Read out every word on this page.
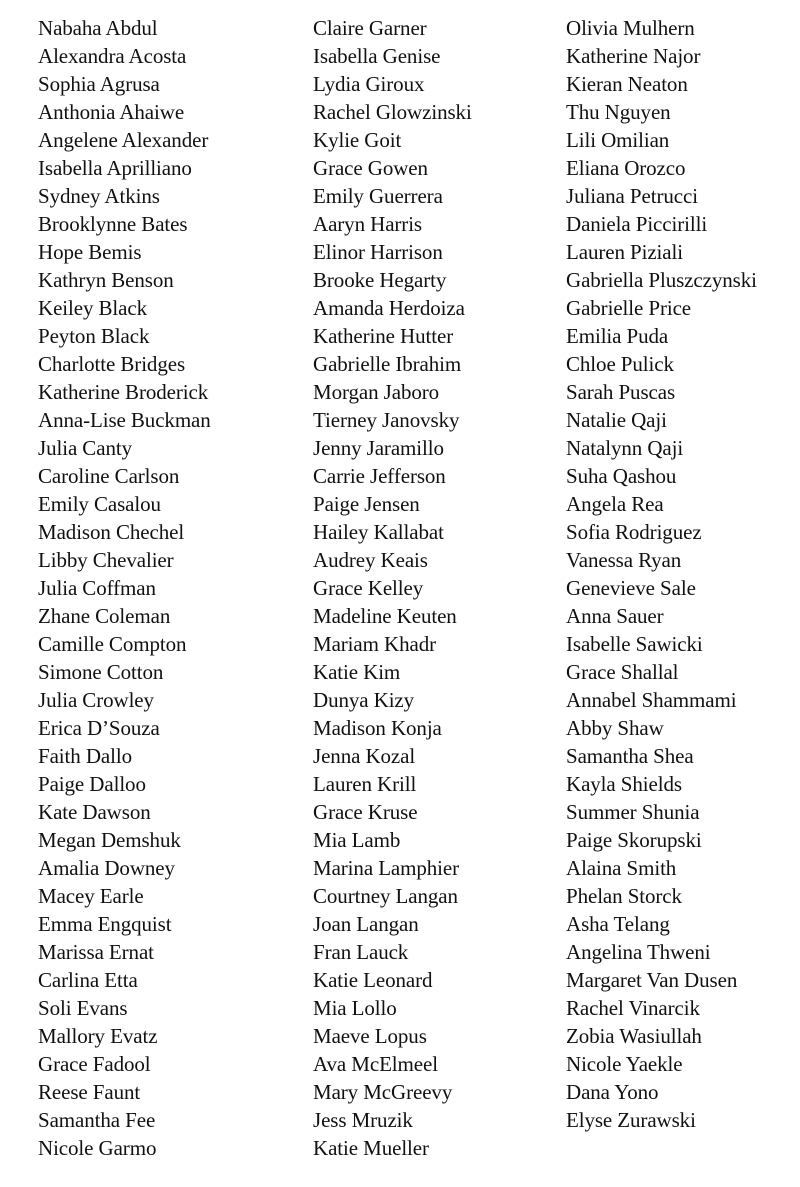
Nabaha Abdul
Alexandra Acosta
Sophia Agrusa
Anthonia Ahaiwe
Angelene Alexander
Isabella Aprilliano
Sydney Atkins
Brooklynne Bates
Hope Bemis
Kathryn Benson
Keiley Black
Peyton Black
Charlotte Bridges
Katherine Broderick
Anna-Lise Buckman
Julia Canty
Caroline Carlson
Emily Casalou
Madison Chechel
Libby Chevalier
Julia Coffman
Zhane Coleman
Camille Compton
Simone Cotton
Julia Crowley
Erica D’Souza
Faith Dallo
Paige Dalloo
Kate Dawson
Megan Demshuk
Amalia Downey
Macey Earle
Emma Engquist
Marissa Ernat
Carlina Etta
Soli Evans
Mallory Evatz
Grace Fadool
Reese Faunt
Samantha Fee
Nicole Garmo
Claire Garner
Isabella Genise
Lydia Giroux
Rachel Glowzinski
Kylie Goit
Grace Gowen
Emily Guerrera
Aaryn Harris
Elinor Harrison
Brooke Hegarty
Amanda Herdoiza
Katherine Hutter
Gabrielle Ibrahim
Morgan Jaboro
Tierney Janovsky
Jenny Jaramillo
Carrie Jefferson
Paige Jensen
Hailey Kallabat
Audrey Keais
Grace Kelley
Madeline Keuten
Mariam Khadr
Katie Kim
Dunya Kizy
Madison Konja
Jenna Kozal
Lauren Krill
Grace Kruse
Mia Lamb
Marina Lamphier
Courtney Langan
Joan Langan
Fran Lauck
Katie Leonard
Mia Lollo
Maeve Lopus
Ava McElmeel
Mary McGreevy
Jess Mruzik
Katie Mueller
Olivia Mulhern
Katherine Najor
Kieran Neaton
Thu Nguyen
Lili Omilian
Eliana Orozco
Juliana Petrucci
Daniela Piccirilli
Lauren Piziali
Gabriella Pluszczynski
Gabrielle Price
Emilia Puda
Chloe Pulick
Sarah Puscas
Natalie Qaji
Natalynn Qaji
Suha Qashou
Angela Rea
Sofia Rodriguez
Vanessa Ryan
Genevieve Sale
Anna Sauer
Isabelle Sawicki
Grace Shallal
Annabel Shammami
Abby Shaw
Samantha Shea
Kayla Shields
Summer Shunia
Paige Skorupski
Alaina Smith
Phelan Storck
Asha Telang
Angelina Thweni
Margaret Van Dusen
Rachel Vinarcik
Zobia Wasiullah
Nicole Yaekle
Dana Yono
Elyse Zurawski
